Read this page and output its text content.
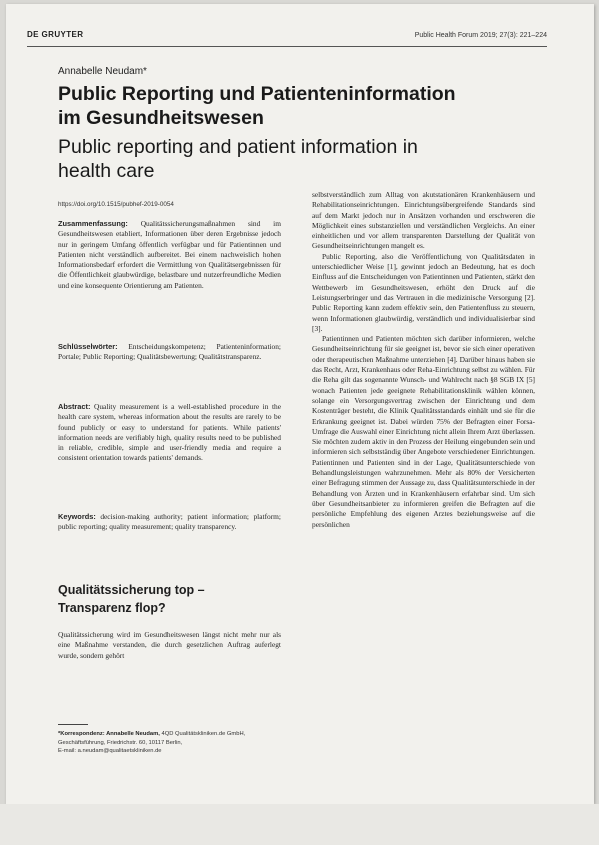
DE GRUYTER	Public Health Forum 2019; 27(3): 221–224
Annabelle Neudam*
Public Reporting und Patienteninformation
im Gesundheitswesen
Public reporting and patient information in
health care
https://doi.org/10.1515/pubhef-2019-0054

Zusammenfassung: Qualitätssicherungsmaßnahmen sind im Gesundheitswesen etabliert, Informationen über deren Ergebnisse jedoch nur in geringem Umfang öffentlich verfügbar und für Patientinnen und Patienten nicht verständlich aufbereitet. Bei einem nachweislich hohen Informationsbedarf erfordert die Vermittlung von Qualitätsergebnissen für die Öffentlichkeit glaubwürdige, belastbare und nutzerfreundliche Medien und eine konsequente Orientierung am Patienten.

Schlüsselwörter: Entscheidungskompetenz; Patienteninformation; Portale; Public Reporting; Qualitätsbewertung; Qualitätstransparenz.

Abstract: Quality measurement is a well-established procedure in the health care system, whereas information about the results are rarely to be found publicly or easy to understand for patients. While patients' information needs are verifiably high, quality results need to be published in reliable, credible, simple and user-friendly media and require a consistent orientation towards patients' demands.

Keywords: decision-making authority; patient information; platform; public reporting; quality measurement; quality transparency.

Qualitätssicherung top –Transparenz flop?

Qualitätssicherung wird im Gesundheitswesen längst nicht mehr nur als eine Maßnahme verstanden, die durch gesetzlichen Auftrag auferlegt wurde, sondern gehört

*Korrespondenz: Annabelle Neudam, 4QD Qualitätskliniken.de GmbH, Geschäftsführung, Friedrichstr. 60, 10117 Berlin,
E-mail: a.neudam@qualitaetskliniken.de

selbstverständlich zum Alltag von akutstationären Krankenhäusern und Rehabilitationseinrichtungen. Einrichtungsübergreifende Standards sind auf dem Markt jedoch nur in Ansätzen vorhanden und erschweren die Möglichkeit eines substanziellen und verständlichen Vergleichs. An einer einheitlichen und vor allem transparenten Darstellung der Qualität von Gesundheitseinrichtungen mangelt es.

Public Reporting, also die Veröffentlichung von Qualitätsdaten in unterschiedlicher Weise [1], gewinnt jedoch an Bedeutung, hat es doch Einfluss auf die Entscheidungen von Patientinnen und Patienten, stärkt den Wettbewerb im Gesundheitswesen, erhöht den Druck auf die Leistungserbringer und das Vertrauen in die medizinische Versorgung [2]. Public Reporting kann zudem effektiv sein, den Patientenfluss zu steuern, wenn Informationen glaubwürdig, verständlich und individualisierbar sind [3].

Patientinnen und Patienten möchten sich darüber informieren, welche Gesundheitseinrichtung für sie geeignet ist, bevor sie sich einer operativen oder therapeutischen Maßnahme unterziehen [4]. Darüber hinaus haben sie das Recht, Arzt, Krankenhaus oder Reha-Einrichtung selbst zu wählen. Für die Reha gilt das sogenannte Wunsch- und Wahlrecht nach §8 SGB IX [5] wonach Patienten jede geeignete Rehabilitationsklinik wählen können, solange ein Versorgungsvertrag zwischen der Einrichtung und dem Kostenträger besteht, die Klinik Qualitätsstandards einhält und sie für die Erkrankung geeignet ist. Dabei würden 75% der Befragten einer Forsa-Umfrage die Auswahl einer Einrichtung nicht allein Ihrem Arzt überlassen. Sie möchten zudem aktiv in den Prozess der Heilung eingebunden sein und informieren sich selbstständig über Angebote verschiedener Einrichtungen. Patientinnen und Patienten sind in der Lage, Qualitätsunterschiede von Behandlungsleistungen wahrzunehmen. Mehr als 80% der Versicherten einer Befragung stimmen der Aussage zu, dass Qualitätsunterschiede in der Behandlung von Ärzten und in Krankenhäusern erfahrbar sind. Um sich über Gesundheitsanbieter zu informieren greifen die Befragten auf die persönliche Empfehlung des eigenen Arztes beziehungsweise auf die persönlichen
